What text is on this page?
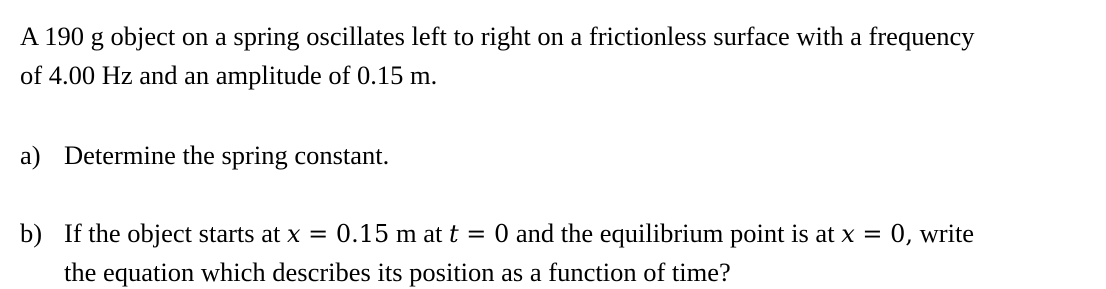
A 190 g object on a spring oscillates left to right on a frictionless surface with a frequency
of 4.00 Hz and an amplitude of 0.15 m.
a) Determine the spring constant.
b) If the object starts at x = 0.15 m at t = 0 and the equilibrium point is at x = 0, write
the equation which describes its position as a function of time?
